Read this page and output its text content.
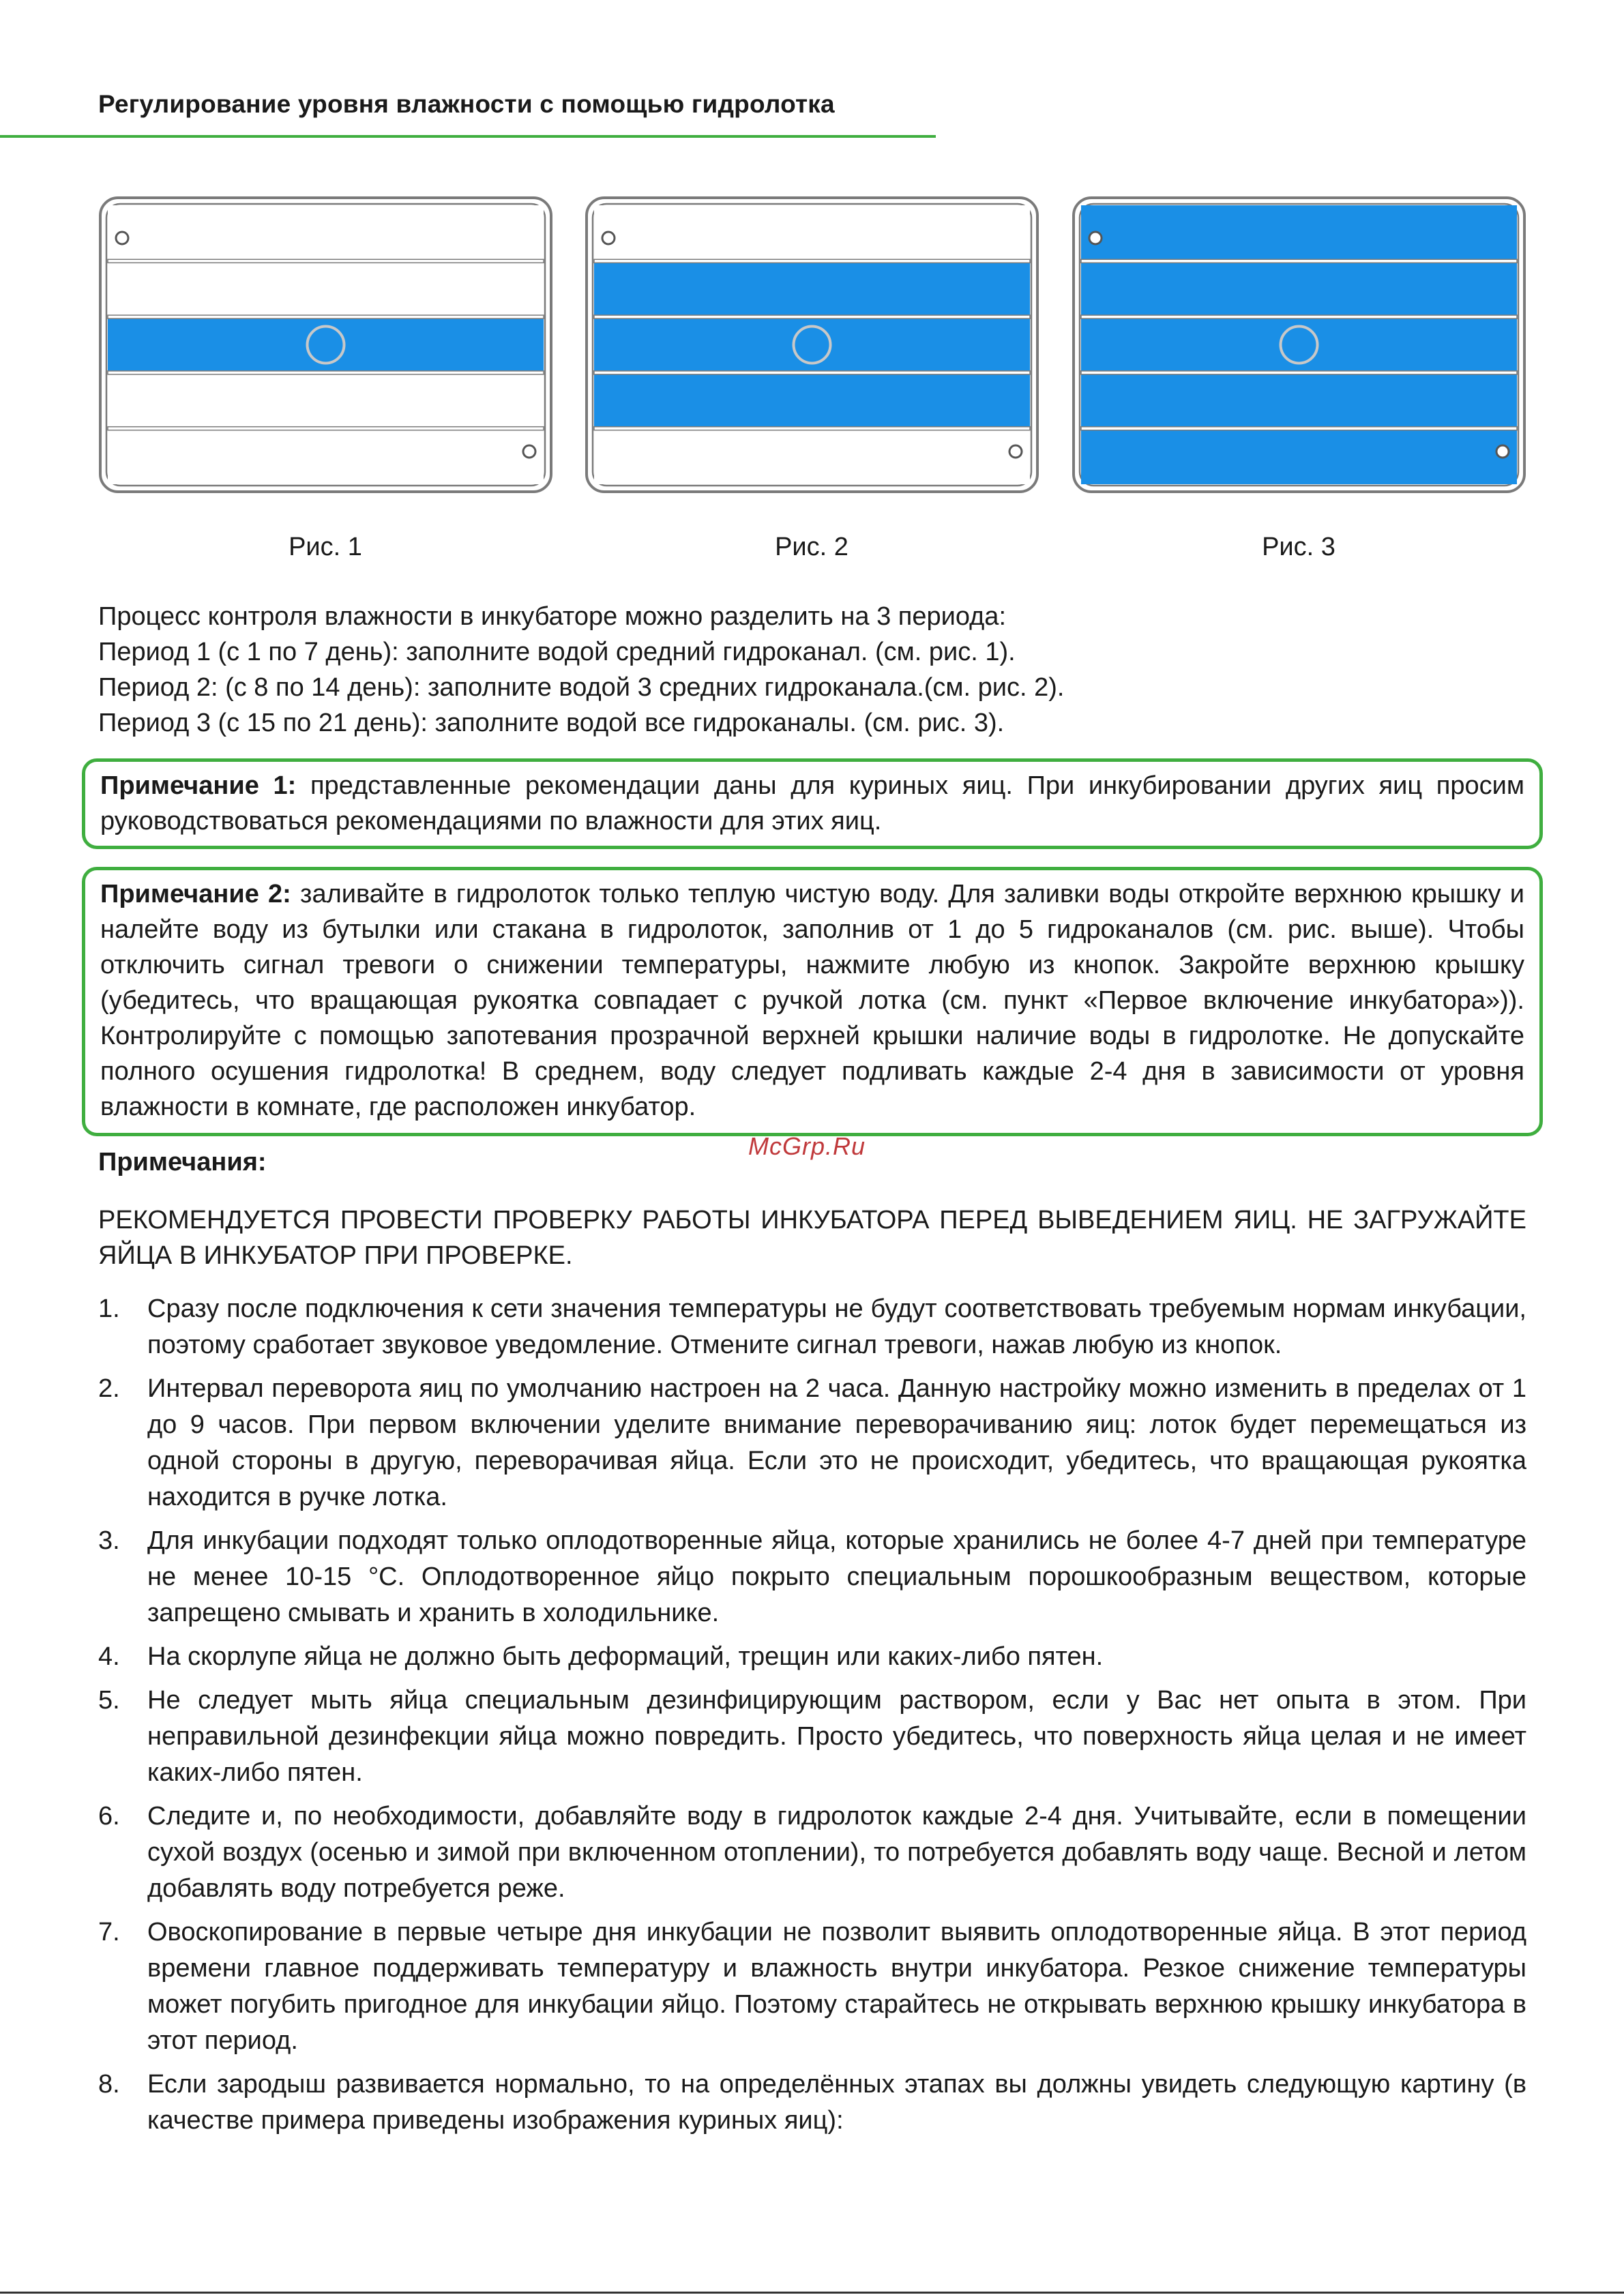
Регулирование уровня влажности с помощью гидролотка

Рис. 1	Рис. 2	Рис. 3

Процесс контроля влажности в инкубаторе можно разделить на 3 периода:

Период 1 (с 1 по 7 день): заполните водой средний гидроканал. (см. рис. 1).

Период 2: (с 8 по 14 день): заполните водой 3 средних гидроканала.(см. рис. 2).

Период 3 (с 15 по 21 день): заполните водой все гидроканалы. (см. рис. 3).

Примечание 1: представленные рекомендации даны для куриных яиц. При инкубировании других яиц просим руководствоваться рекомендациями по влажности для этих яиц.

Примечание 2: заливайте в гидролоток только теплую чистую воду. Для заливки воды откройте верхнюю крышку и налейте воду из бутылки или стакана в гидролоток, заполнив от 1 до 5 гидроканалов (см. рис. выше). Чтобы отключить сигнал тревоги о снижении температуры, нажмите любую из кнопок. Закройте верхнюю крышку (убедитесь, что вращающая рукоятка совпадает с ручкой лотка (см. пункт «Первое включение инкубатора»)). Контролируйте с помощью запотевания прозрачной верхней крышки наличие воды в гидролотке. Не допускайте полного осушения гидролотка! В среднем, воду следует подливать каждые 2-4 дня в зависимости от уровня влажности в комнате, где расположен инкубатор.

McGrp.Ru

Примечания:

РЕКОМЕНДУЕТСЯ ПРОВЕСТИ ПРОВЕРКУ РАБОТЫ ИНКУБАТОРА ПЕРЕД ВЫВЕДЕНИЕМ ЯИЦ. НЕ ЗАГРУЖАЙТЕ ЯЙЦА В ИНКУБАТОР ПРИ ПРОВЕРКЕ.

1. Сразу после подключения к сети значения температуры не будут соответствовать требуемым нормам инкубации, поэтому сработает звуковое уведомление. Отмените сигнал тревоги, нажав любую из кнопок.
2. Интервал переворота яиц по умолчанию настроен на 2 часа. Данную настройку можно изменить в пределах от 1 до 9 часов. При первом включении уделите внимание переворачиванию яиц: лоток будет перемещаться из одной стороны в другую, переворачивая яйца. Если это не происходит, убедитесь, что вращающая рукоятка находится в ручке лотка.
3. Для инкубации подходят только оплодотворенные яйца, которые хранились не более 4-7 дней при температуре не менее 10-15 °С. Оплодотворенное яйцо покрыто специальным порошкообразным веществом, которые запрещено смывать и хранить в холодильнике.
4. На скорлупе яйца не должно быть деформаций, трещин или каких-либо пятен.
5. Не следует мыть яйца специальным дезинфицирующим раствором, если у Вас нет опыта в этом. При неправильной дезинфекции яйца можно повредить. Просто убедитесь, что поверхность яйца целая и не имеет каких-либо пятен.
6. Следите и, по необходимости, добавляйте воду в гидролоток каждые 2-4 дня. Учитывайте, если в помещении сухой воздух (осенью и зимой при включенном отоплении), то потребуется добавлять воду чаще. Весной и летом добавлять воду потребуется реже.
7. Овоскопирование в первые четыре дня инкубации не позволит выявить оплодотворенные яйца. В этот период времени главное поддерживать температуру и влажность внутри инкубатора. Резкое снижение температуры может погубить пригодное для инкубации яйцо. Поэтому старайтесь не открывать верхнюю крышку инкубатора в этот период.
8. Если зародыш развивается нормально, то на определённых этапах вы должны увидеть следующую картину (в качестве примера приведены изображения куриных яиц):
